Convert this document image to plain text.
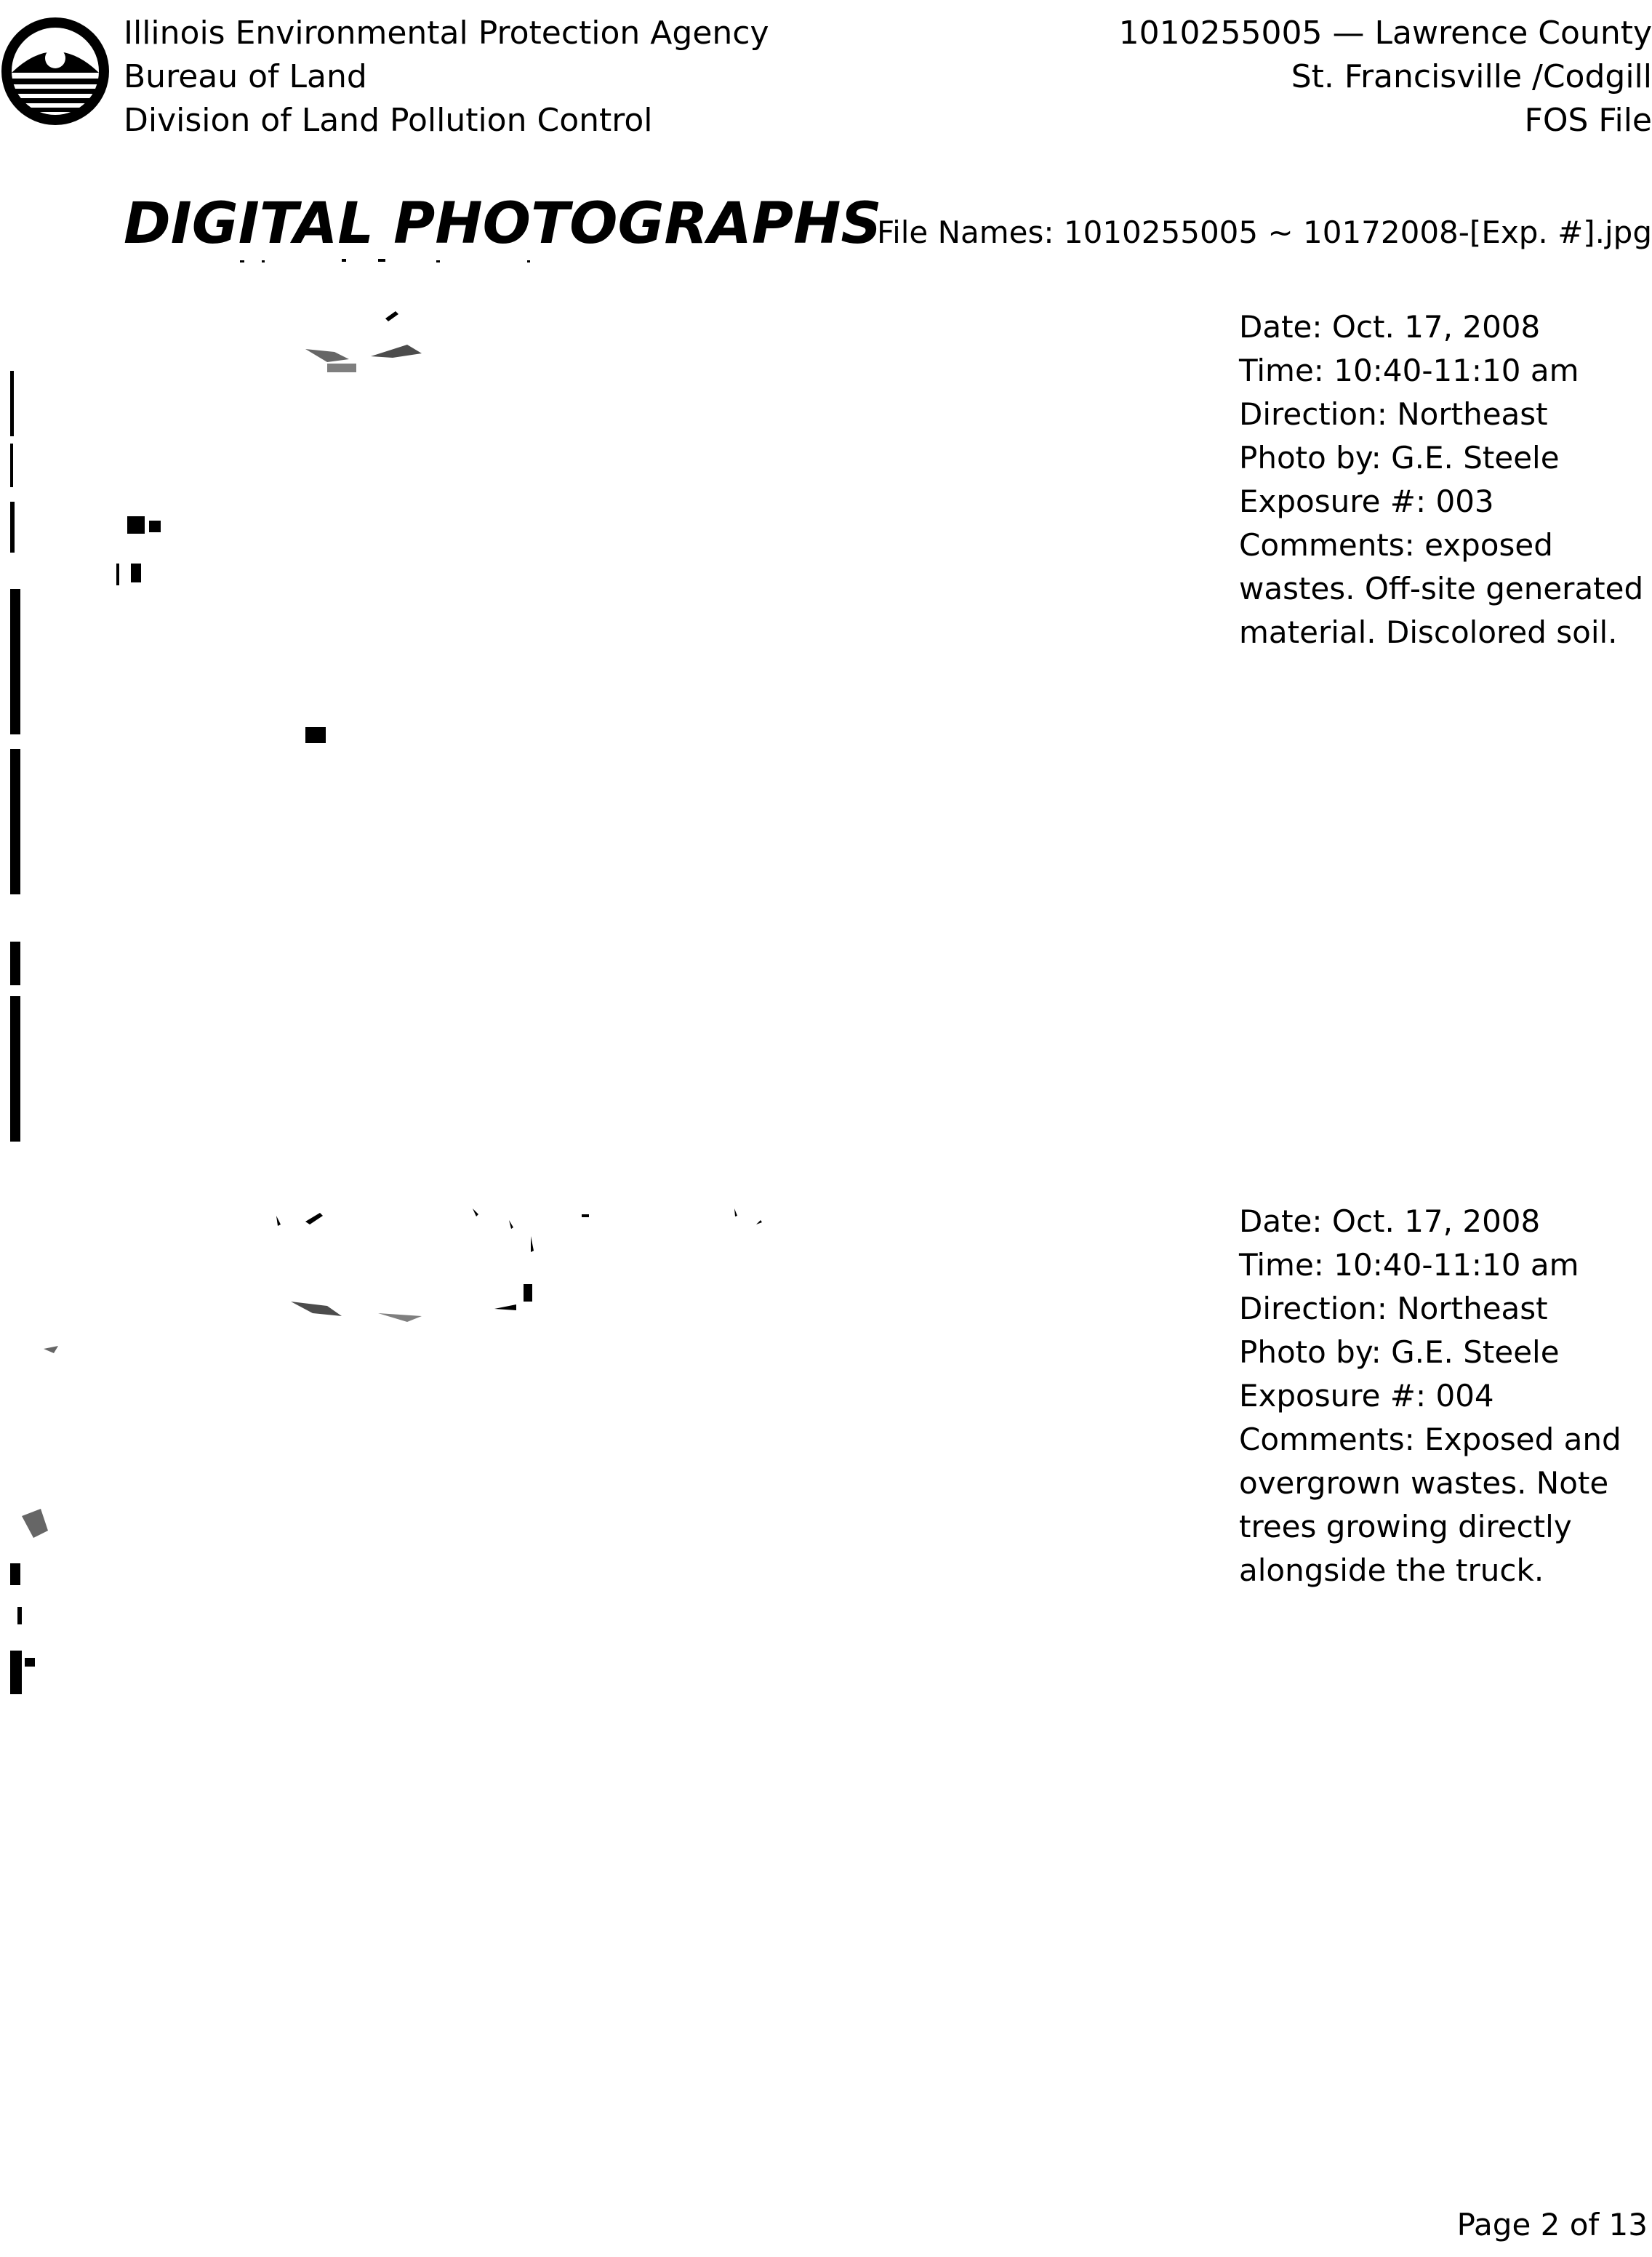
Illinois Environmental Protection Agency
Bureau of Land
Division of Land Pollution Control
1010255005 — Lawrence County
St. Francisville /Codgill
FOS File
DIGITAL PHOTOGRAPHS
File Names: 1010255005 ~ 10172008-[Exp. #].jpg
Date: Oct. 17, 2008
Time: 10:40-11:10 am
Direction: Northeast
Photo by: G.E. Steele
Exposure #: 003
Comments: exposed wastes. Off-site generated material. Discolored soil.
Date: Oct. 17, 2008
Time: 10:40-11:10 am
Direction: Northeast
Photo by: G.E. Steele
Exposure #: 004
Comments: Exposed and overgrown wastes. Note trees growing directly alongside the truck.
Page 2 of 13
